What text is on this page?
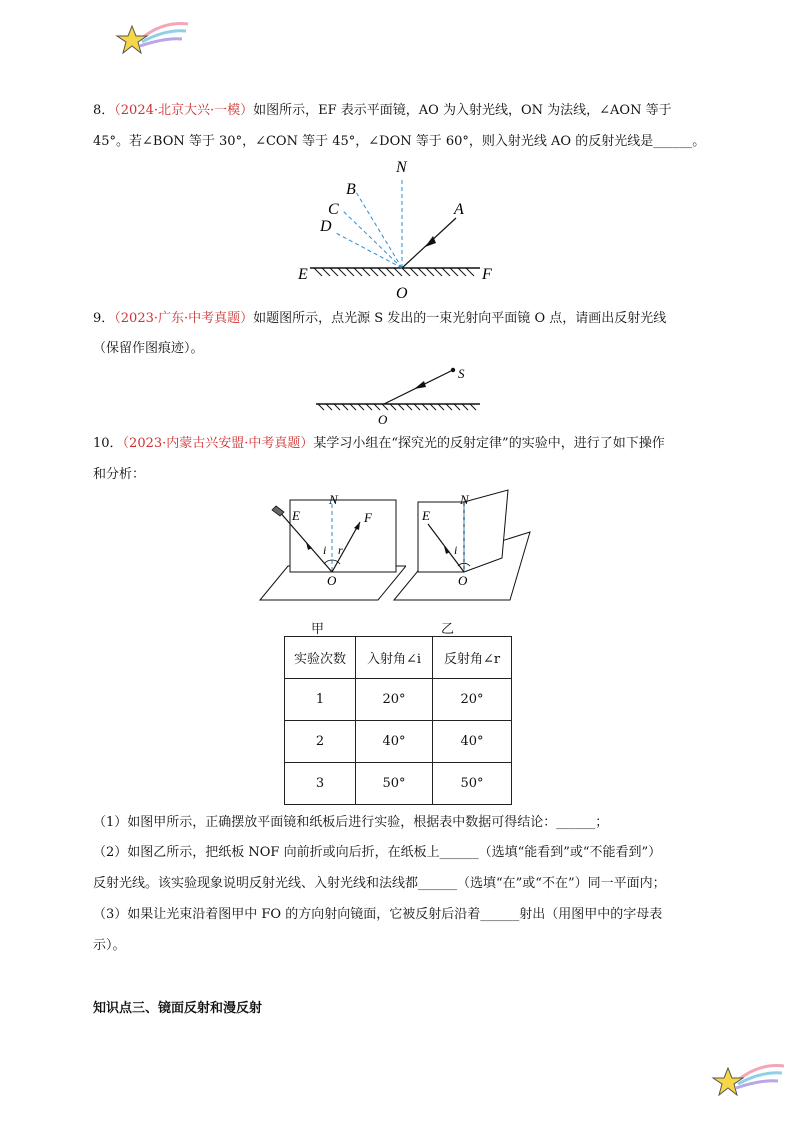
8．（2024·北京大兴·一模）如图所示，EF 表示平面镜，AO 为入射光线，ON 为法线，∠AON 等于
45°。若∠BON 等于 30°，∠CON 等于 45°，∠DON 等于 60°，则入射光线 AO 的反射光线是______。
N
B
C
D
A
E	F
O
9．（2023·广东·中考真题）如题图所示，点光源 S 发出的一束光射向平面镜 O 点，请画出反射光线
（保留作图痕迹）。
S
O
10．（2023·内蒙古兴安盟·中考真题）某学习小组在“探究光的反射定律”的实验中，进行了如下操作
和分析：
N
E	F
i r
O
N
E
i
O
甲	乙
实验次数	入射角∠i	反射角∠r
1	20°	20°
2	40°	40°
3	50°	50°
（1）如图甲所示，正确摆放平面镜和纸板后进行实验，根据表中数据可得结论：______；
（2）如图乙所示，把纸板 NOF 向前折或向后折，在纸板上______（选填“能看到”或“不能看到”）
反射光线。该实验现象说明反射光线、入射光线和法线都______（选填“在”或“不在”）同一平面内；
（3）如果让光束沿着图甲中 FO 的方向射向镜面，它被反射后沿着______射出（用图甲中的字母表
示）。
知识点三、镜面反射和漫反射
